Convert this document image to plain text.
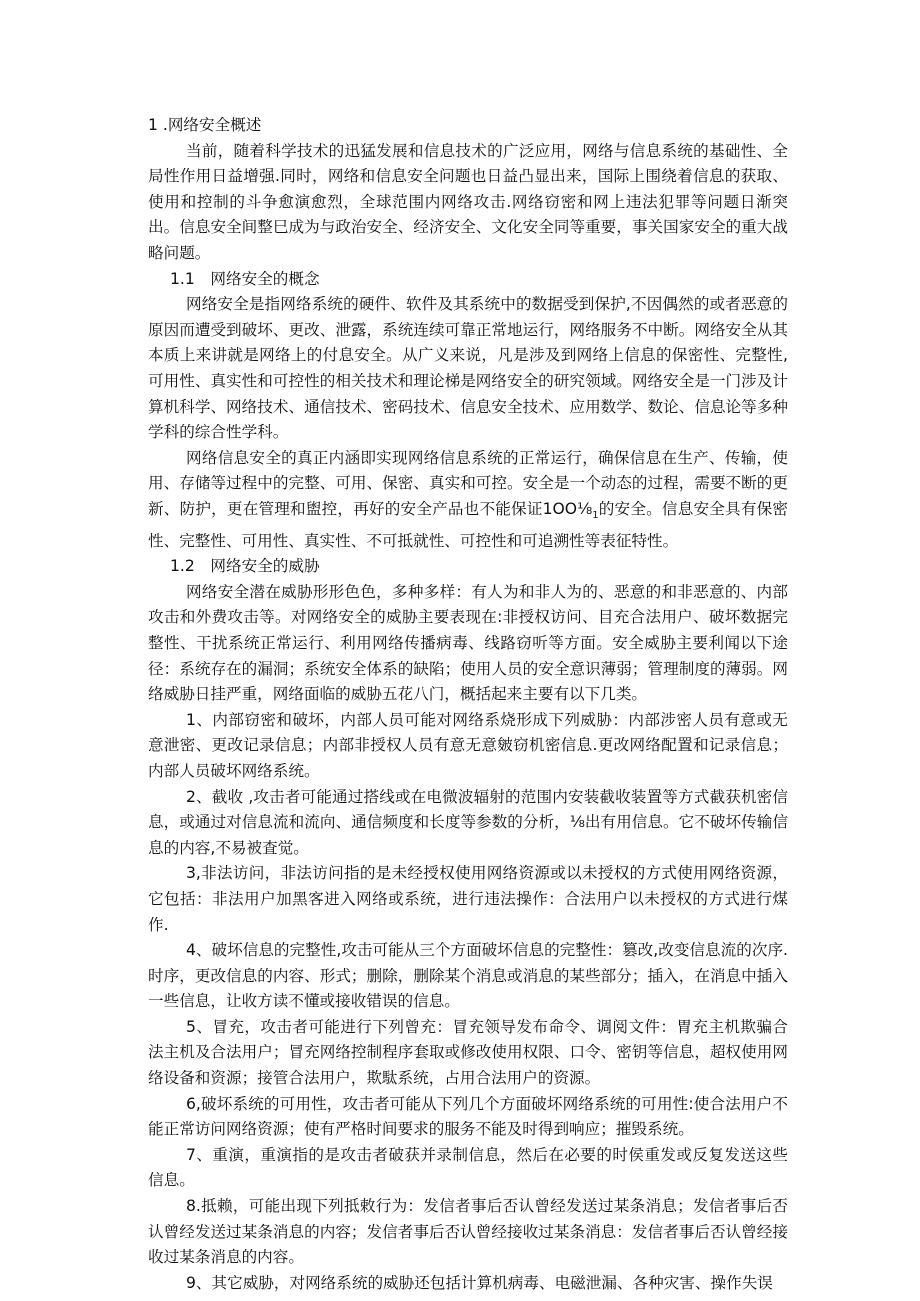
1 .网络安全概述

当前，随着科学技术的迅猛发展和信息技术的广泛应用，网络与信息系统的基础性、全局性作用日益增强.同时，网络和信息安全问题也日益凸显出来，国际上围绕着信息的获取、使用和控制的斗争愈演愈烈，全球范围内网络攻击.网络窃密和网上违法犯罪等问题日渐突出。信息安全间整巳成为与政治安全、经济安全、文化安全同等重要，事关国家安全的重大战略问题。

1.1　网络安全的概念

网络安全是指网络系统的硬件、软件及其系统中的数据受到保护,不因偶然的或者恶意的原因而遭受到破坏、更改、泄露，系统连续可靠正常地运行，网络服务不中断。网络安全从其本质上来讲就是网络上的付息安全。从广义来说，凡是涉及到网络上信息的保密性、完整性,可用性、真实性和可控性的相关技术和理论梯是网络安全的研究领域。网络安全是一门涉及计算机科学、网络技术、通信技术、密码技术、信息安全技术、应用数学、数论、信息论等多种学科的综合性学科。

网络信息安全的真正内涵即实现网络信息系统的正常运行，确保信息在生产、传输，使用、存储等过程中的完整、可用、保密、真实和可控。安全是一个动态的过程，需要不断的更新、防护，更在管理和盥控，再好的安全产品也不能保证$1OO\frac{1}{8}_1$的安全。信息安全具有保密性、完整性、可用性、真实性、不可抵就性、可控性和可追溯性等表征特性。

1.2　网络安全的威胁

网络安全潜在威胁形形色色，多种多样：有人为和非人为的、恶意的和非恶意的、内部攻击和外费攻击等。对网络安全的威胁主要表现在:非授权访问、目充合法用户、破坏数据完整性、干扰系统正常运行、利用网络传播病毒、线路窃听等方面。安全威胁主要利闻以下途径：系统存在的漏洞；系统安全体系的缺陷；使用人员的安全意识薄弱；管理制度的薄弱。网络威胁日挂严重，网络面临的威胁五花八门，概括起来主要有以下几类。

1、内部窃密和破坏，内部人员可能对网络系烧形成下列威胁：内部涉密人员有意或无意泄密、更改记录信息；内部非授权人员有意无意皴窃机密信息.更改网络配置和记录信息；内部人员破坏网络系统。

2、截收 ,攻击者可能通过搭线或在电微波辐射的范围内安装截收装置等方式截获机密信息，或通过对信息流和流向、通信频度和长度等参数的分析，⅛出有用信息。它不破坏传输信息的内容,不易被査觉。

3,非法访问，非法访问指的是未经授权使用网络资源或以未授权的方式使用网络资源，它包括：非法用户加黑客进入网络或系统，进行违法操作：合法用户以未授权的方式进行煤作.

4、破坏信息的完整性,攻击可能从三个方面破坏信息的完整性：篡改,改变信息流的次序.时序，更改信息的内容、形式；删除，删除某个消息或消息的某些部分；插入，在消息中插入一些信息，让收方读不懂或接收错误的信息。

5、冒充，攻击者可能进行下列曾充：冒充领导发布命令、调阅文件：胃充主机欺骗合法主机及合法用户；冒充网络控制程序套取或修改使用权限、口令、密钥等信息，超权使用网络设备和资源；接管合法用户，欺駄系统，占用合法用户的资源。

6,破坏系统的可用性，攻击者可能从下列几个方面破坏网络系统的可用性:使合法用户不能正常访问网络资源；使有严格时间要求的服务不能及时得到响应；摧毁系统。

7、重演，重演指的是攻击者破获并录制信息，然后在必要的时侯重发或反复发送这些信息。

8.抵赖，可能出现下列抵敕行为：发信者事后否认曾经发送过某条消息；发信者事后否认曾经发送过某条消息的内容；发信者事后否认曾经接收过某条消息：发信者事后否认曾经接收过某条消息的内容。

9、其它威胁，对网络系统的威胁还包括计算机病毒、电磁泄漏、各种灾害、操作失误
